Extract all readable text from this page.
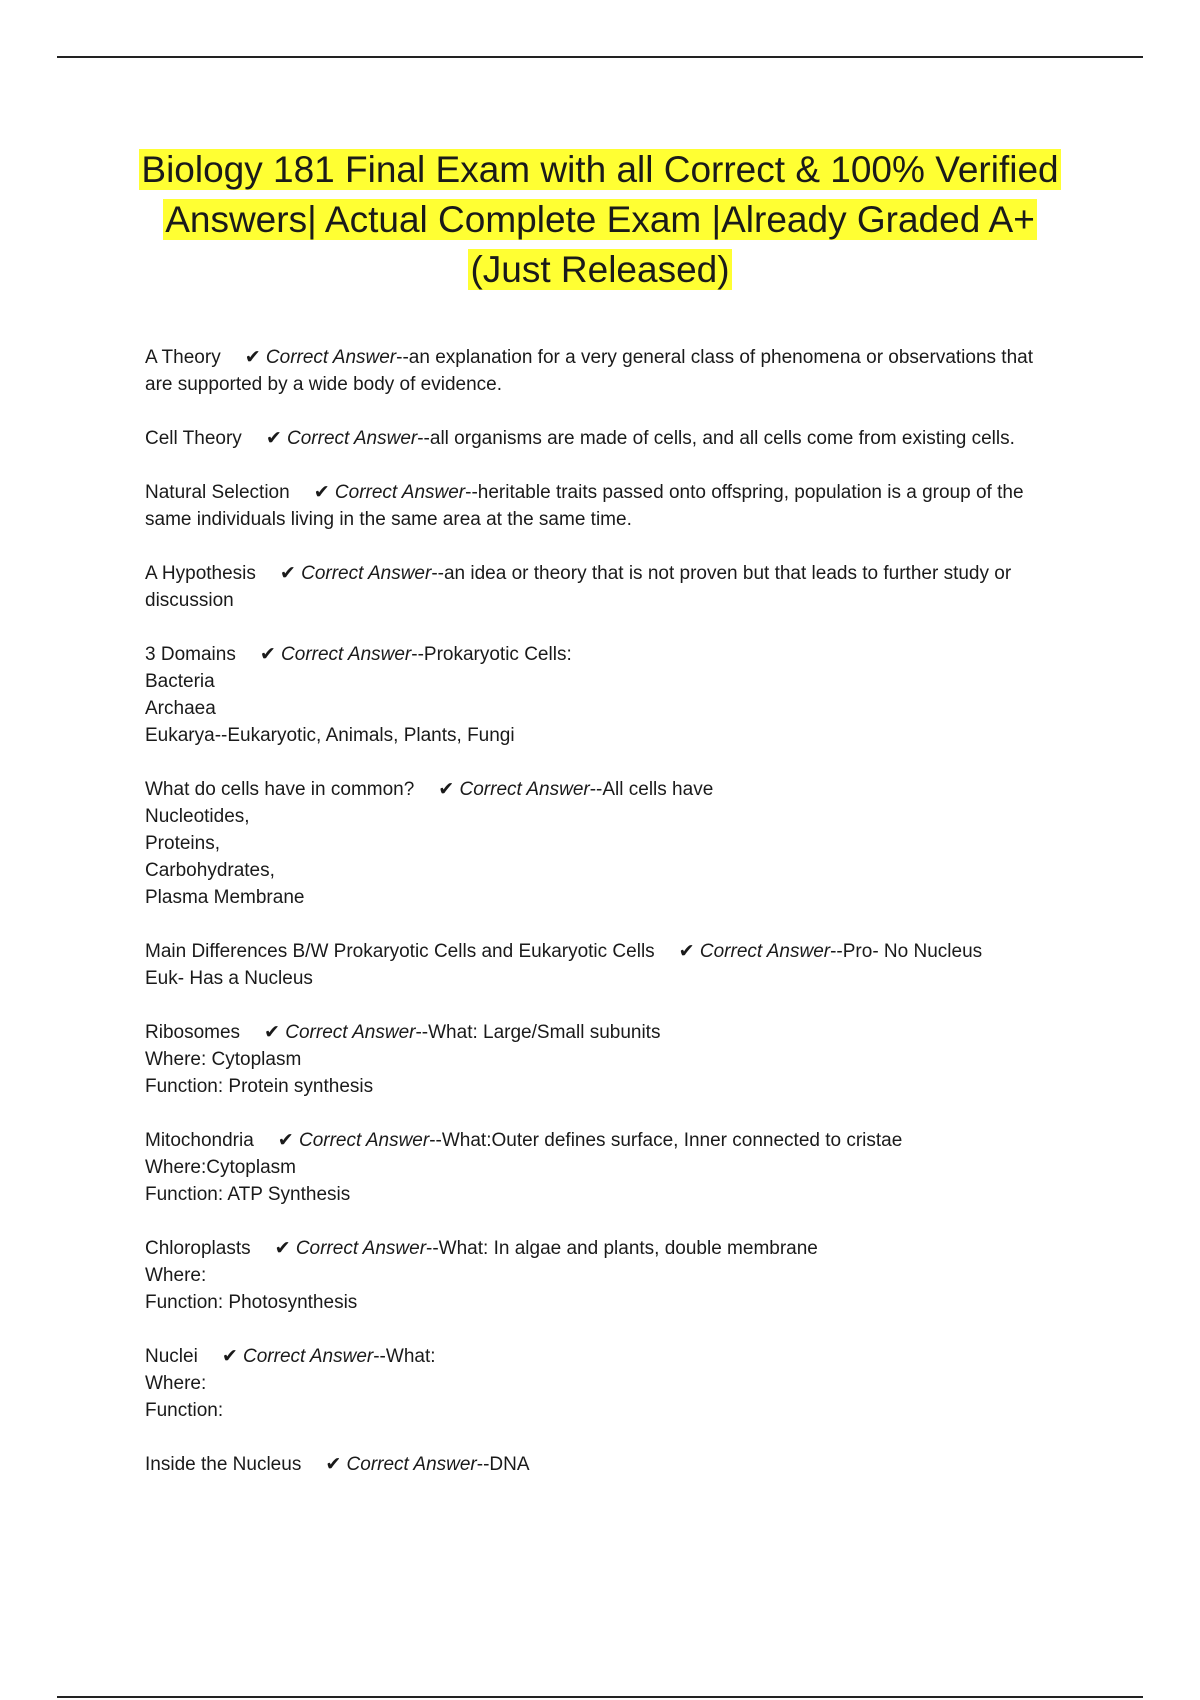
Biology 181 Final Exam with all Correct & 100% Verified
Answers| Actual Complete Exam |Already Graded A+
(Just Released)
A Theory ✔ Correct Answer--an explanation for a very general class of phenomena or observations that are supported by a wide body of evidence.
Cell Theory ✔ Correct Answer--all organisms are made of cells, and all cells come from existing cells.
Natural Selection ✔ Correct Answer--heritable traits passed onto offspring, population is a group of the same individuals living in the same area at the same time.
A Hypothesis ✔ Correct Answer--an idea or theory that is not proven but that leads to further study or discussion
3 Domains ✔ Correct Answer--Prokaryotic Cells:
Bacteria
Archaea
Eukarya--Eukaryotic, Animals, Plants, Fungi
What do cells have in common? ✔ Correct Answer--All cells have
Nucleotides,
Proteins,
Carbohydrates,
Plasma Membrane
Main Differences B/W Prokaryotic Cells and Eukaryotic Cells ✔ Correct Answer--Pro- No Nucleus
Euk- Has a Nucleus
Ribosomes ✔ Correct Answer--What: Large/Small subunits
Where: Cytoplasm
Function: Protein synthesis
Mitochondria ✔ Correct Answer--What:Outer defines surface, Inner connected to cristae
Where:Cytoplasm
Function: ATP Synthesis
Chloroplasts ✔ Correct Answer--What: In algae and plants, double membrane
Where:
Function: Photosynthesis
Nuclei ✔ Correct Answer--What:
Where:
Function:
Inside the Nucleus ✔ Correct Answer--DNA
